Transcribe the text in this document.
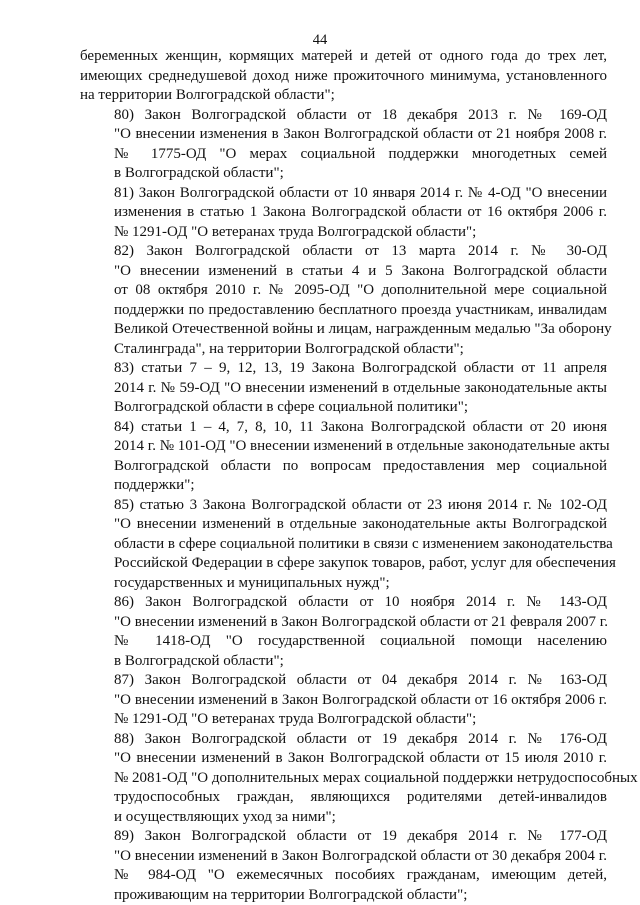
44

беременных женщин, кормящих матерей и детей от одного года до трех лет,
имеющих среднедушевой доход ниже прожиточного минимума, установленного
на территории Волгоградской области";

80) Закон Волгоградской области от 18 декабря 2013 г. № 169-ОД
"О внесении изменения в Закон Волгоградской области от 21 ноября 2008 г.
№ 1775-ОД "О мерах социальной поддержки многодетных семей
в Волгоградской области";

81) Закон Волгоградской области от 10 января 2014 г. № 4-ОД "О внесении
изменения в статью 1 Закона Волгоградской области от 16 октября 2006 г.
№ 1291-ОД "О ветеранах труда Волгоградской области";

82) Закон Волгоградской области от 13 марта 2014 г. № 30-ОД
"О внесении изменений в статьи 4 и 5 Закона Волгоградской области
от 08 октября 2010 г. № 2095-ОД "О дополнительной мере социальной
поддержки по предоставлению бесплатного проезда участникам, инвалидам
Великой Отечественной войны и лицам, награжденным медалью "За оборону
Сталинграда", на территории Волгоградской области";

83) статьи 7 – 9, 12, 13, 19 Закона Волгоградской области от 11 апреля
2014 г. № 59-ОД "О внесении изменений в отдельные законодательные акты
Волгоградской области в сфере социальной политики";

84) статьи 1 – 4, 7, 8, 10, 11 Закона Волгоградской области от 20 июня
2014 г. № 101-ОД "О внесении изменений в отдельные законодательные акты
Волгоградской области по вопросам предоставления мер социальной
поддержки";

85) статью 3 Закона Волгоградской области от 23 июня 2014 г. № 102-ОД
"О внесении изменений в отдельные законодательные акты Волгоградской
области в сфере социальной политики в связи с изменением законодательства
Российской Федерации в сфере закупок товаров, работ, услуг для обеспечения
государственных и муниципальных нужд";

86) Закон Волгоградской области от 10 ноября 2014 г. № 143-ОД
"О внесении изменений в Закон Волгоградской области от 21 февраля 2007 г.
№ 1418-ОД "О государственной социальной помощи населению
в Волгоградской области";

87) Закон Волгоградской области от 04 декабря 2014 г. № 163-ОД
"О внесении изменений в Закон Волгоградской области от 16 октября 2006 г.
№ 1291-ОД "О ветеранах труда Волгоградской области";

88) Закон Волгоградской области от 19 декабря 2014 г. № 176-ОД
"О внесении изменений в Закон Волгоградской области от 15 июля 2010 г.
№ 2081-ОД "О дополнительных мерах социальной поддержки нетрудоспособных
трудоспособных граждан, являющихся родителями детей-инвалидов
и осуществляющих уход за ними";

89) Закон Волгоградской области от 19 декабря 2014 г. № 177-ОД
"О внесении изменений в Закон Волгоградской области от 30 декабря 2004 г.
№ 984-ОД "О ежемесячных пособиях гражданам, имеющим детей,
проживающим на территории Волгоградской области";
